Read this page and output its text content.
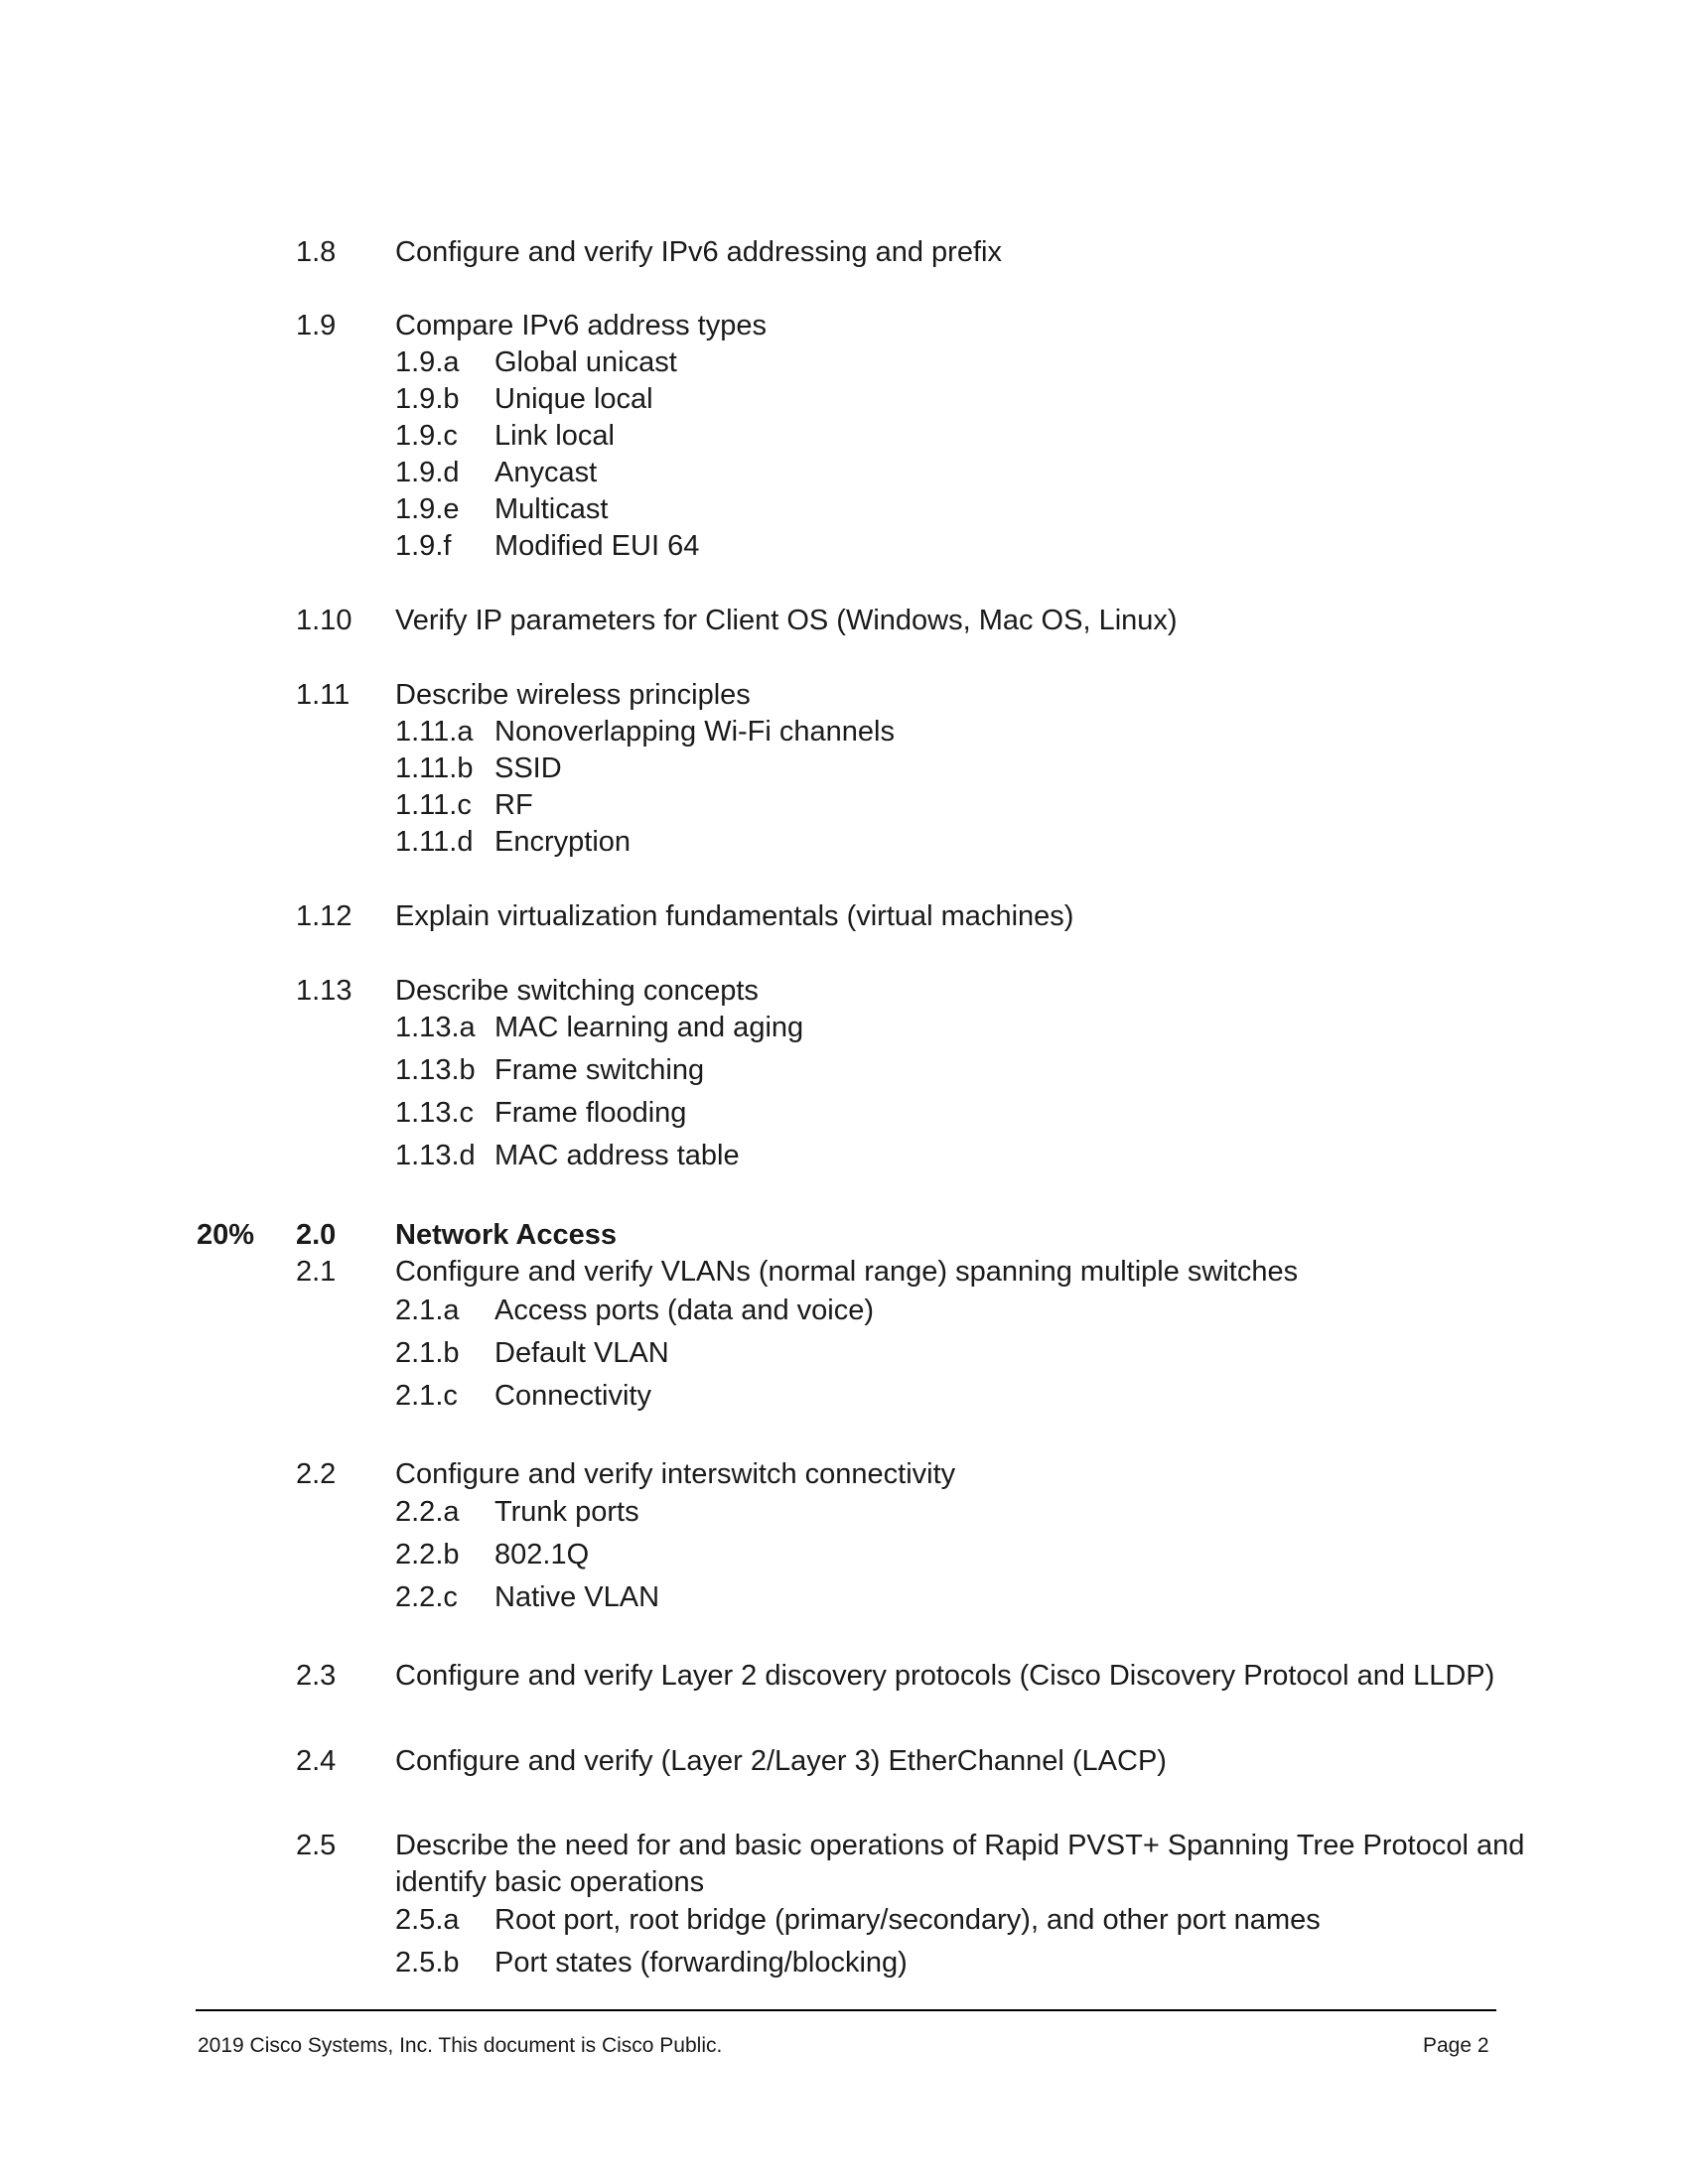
1.8 Configure and verify IPv6 addressing and prefix
1.9 Compare IPv6 address types
1.9.a Global unicast
1.9.b Unique local
1.9.c Link local
1.9.d Anycast
1.9.e Multicast
1.9.f Modified EUI 64
1.10 Verify IP parameters for Client OS (Windows, Mac OS, Linux)
1.11 Describe wireless principles
1.11.a Nonoverlapping Wi-Fi channels
1.11.b SSID
1.11.c RF
1.11.d Encryption
1.12 Explain virtualization fundamentals (virtual machines)
1.13 Describe switching concepts
1.13.a MAC learning and aging
1.13.b Frame switching
1.13.c Frame flooding
1.13.d MAC address table
20% 2.0 Network Access
2.1 Configure and verify VLANs (normal range) spanning multiple switches
2.1.a Access ports (data and voice)
2.1.b Default VLAN
2.1.c Connectivity
2.2 Configure and verify interswitch connectivity
2.2.a Trunk ports
2.2.b 802.1Q
2.2.c Native VLAN
2.3 Configure and verify Layer 2 discovery protocols (Cisco Discovery Protocol and LLDP)
2.4 Configure and verify (Layer 2/Layer 3) EtherChannel (LACP)
2.5 Describe the need for and basic operations of Rapid PVST+ Spanning Tree Protocol and
identify basic operations
2.5.a Root port, root bridge (primary/secondary), and other port names
2.5.b Port states (forwarding/blocking)
2019 Cisco Systems, Inc. This document is Cisco Public.	Page 2
